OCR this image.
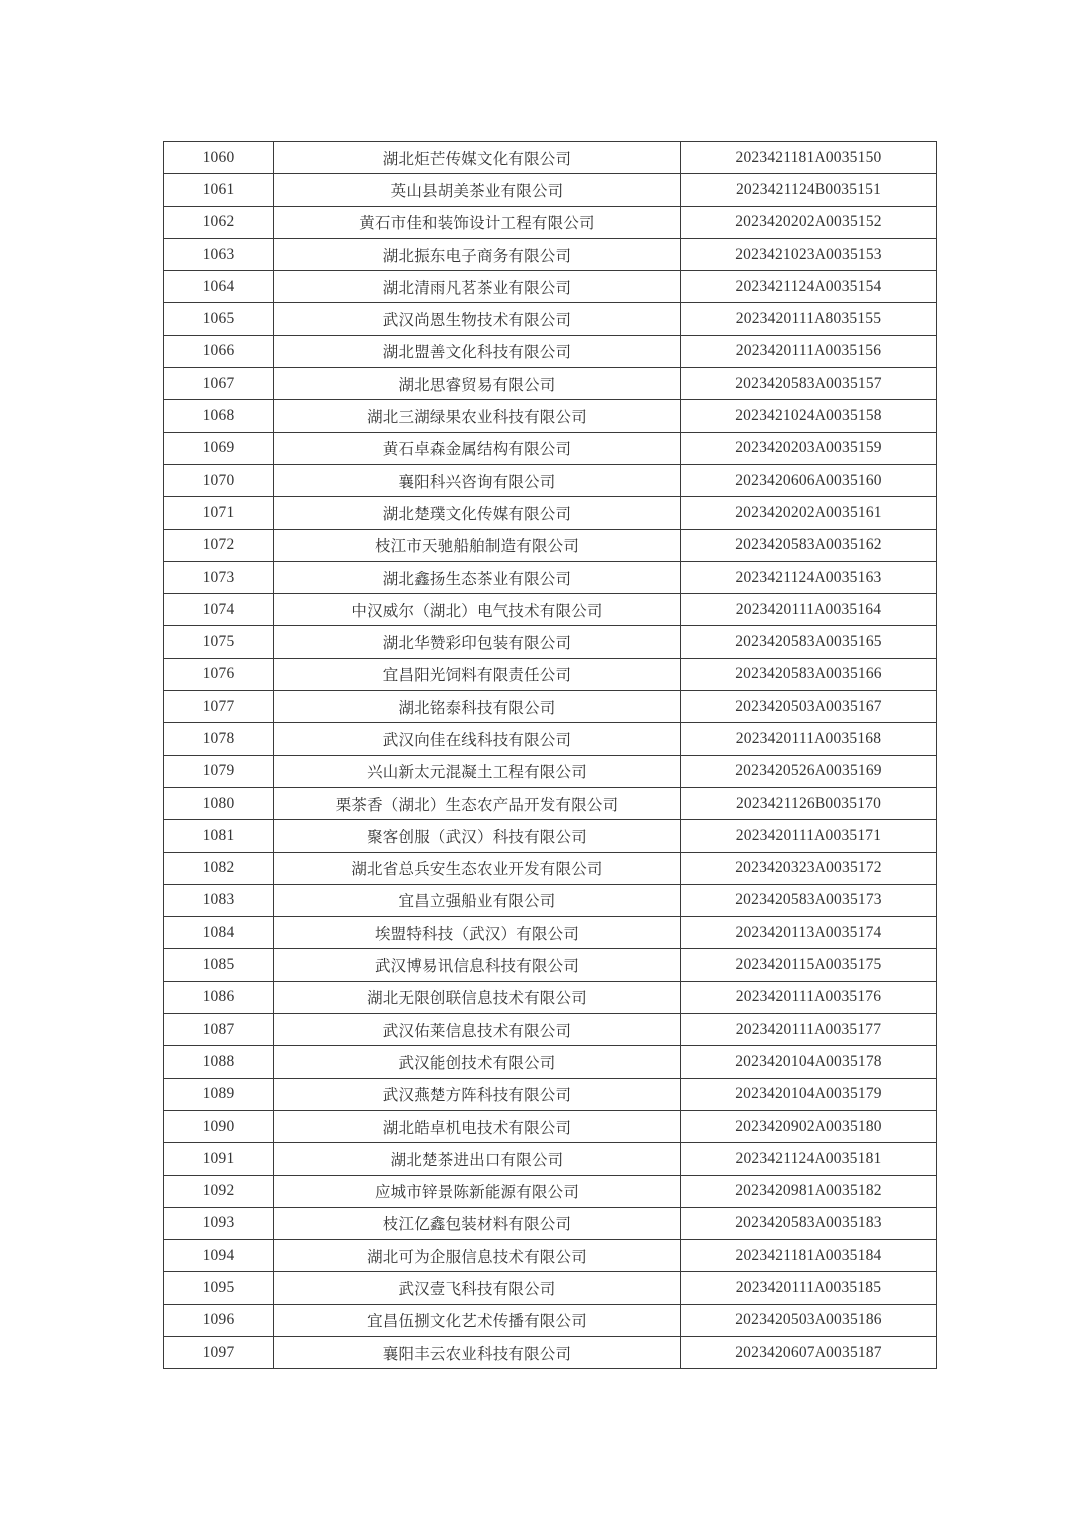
1060	湖北炬芒传媒文化有限公司	2023421181A0035150
1061	英山县胡美茶业有限公司	2023421124B0035151
1062	黄石市佳和装饰设计工程有限公司	2023420202A0035152
1063	湖北振东电子商务有限公司	2023421023A0035153
1064	湖北清雨凡茗茶业有限公司	2023421124A0035154
1065	武汉尚恩生物技术有限公司	2023420111A8035155
1066	湖北盟善文化科技有限公司	2023420111A0035156
1067	湖北思睿贸易有限公司	2023420583A0035157
1068	湖北三湖绿果农业科技有限公司	2023421024A0035158
1069	黄石卓森金属结构有限公司	2023420203A0035159
1070	襄阳科兴咨询有限公司	2023420606A0035160
1071	湖北楚璞文化传媒有限公司	2023420202A0035161
1072	枝江市天驰船舶制造有限公司	2023420583A0035162
1073	湖北鑫扬生态茶业有限公司	2023421124A0035163
1074	中汉威尔（湖北）电气技术有限公司	2023420111A0035164
1075	湖北华赞彩印包装有限公司	2023420583A0035165
1076	宜昌阳光饲料有限责任公司	2023420583A0035166
1077	湖北铭泰科技有限公司	2023420503A0035167
1078	武汉向佳在线科技有限公司	2023420111A0035168
1079	兴山新太元混凝土工程有限公司	2023420526A0035169
1080	栗茶香（湖北）生态农产品开发有限公司	2023421126B0035170
1081	聚客创服（武汉）科技有限公司	2023420111A0035171
1082	湖北省总兵安生态农业开发有限公司	2023420323A0035172
1083	宜昌立强船业有限公司	2023420583A0035173
1084	埃盟特科技（武汉）有限公司	2023420113A0035174
1085	武汉博易讯信息科技有限公司	2023420115A0035175
1086	湖北无限创联信息技术有限公司	2023420111A0035176
1087	武汉佑莱信息技术有限公司	2023420111A0035177
1088	武汉能创技术有限公司	2023420104A0035178
1089	武汉燕楚方阵科技有限公司	2023420104A0035179
1090	湖北皓卓机电技术有限公司	2023420902A0035180
1091	湖北楚茶进出口有限公司	2023421124A0035181
1092	应城市锌景陈新能源有限公司	2023420981A0035182
1093	枝江亿鑫包装材料有限公司	2023420583A0035183
1094	湖北可为企服信息技术有限公司	2023421181A0035184
1095	武汉壹飞科技有限公司	2023420111A0035185
1096	宜昌伍捌文化艺术传播有限公司	2023420503A0035186
1097	襄阳丰云农业科技有限公司	2023420607A0035187
